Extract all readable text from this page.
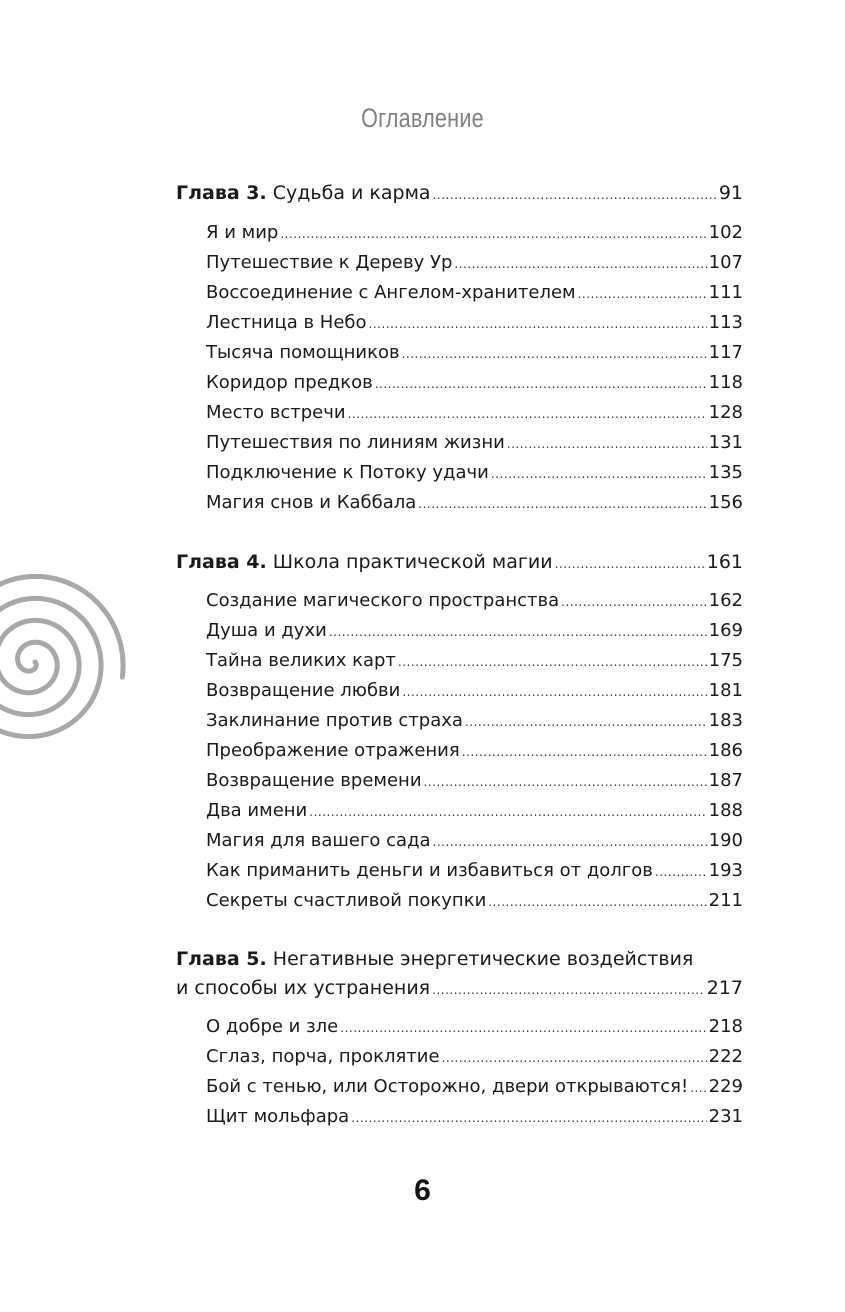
Оглавление
Глава 3. Судьба и карма .....	91
Я и мир .....	102
Путешествие к Дереву Ур .....	107
Воссоединение с Ангелом-хранителем .....	111
Лестница в Небо .....	113
Тысяча помощников .....	117
Коридор предков .....	118
Место встречи .....	128
Путешествия по линиям жизни .....	131
Подключение к Потоку удачи .....	135
Магия снов и Каббала .....	156
Глава 4. Школа практической магии .....	161
Создание магического пространства .....	162
Душа и духи .....	169
Тайна великих карт .....	175
Возвращение любви .....	181
Заклинание против страха .....	183
Преображение отражения .....	186
Возвращение времени .....	187
Два имени .....	188
Магия для вашего сада .....	190
Как приманить деньги и избавиться от долгов .....	193
Секреты счастливой покупки .....	211
Глава 5. Негативные энергетические воздействия
и способы их устранения .....	217
О добре и зле .....	218
Сглаз, порча, проклятие .....	222
Бой с тенью, или Осторожно, двери открываются! ..... 229
Щит мольфара .....	231
6
